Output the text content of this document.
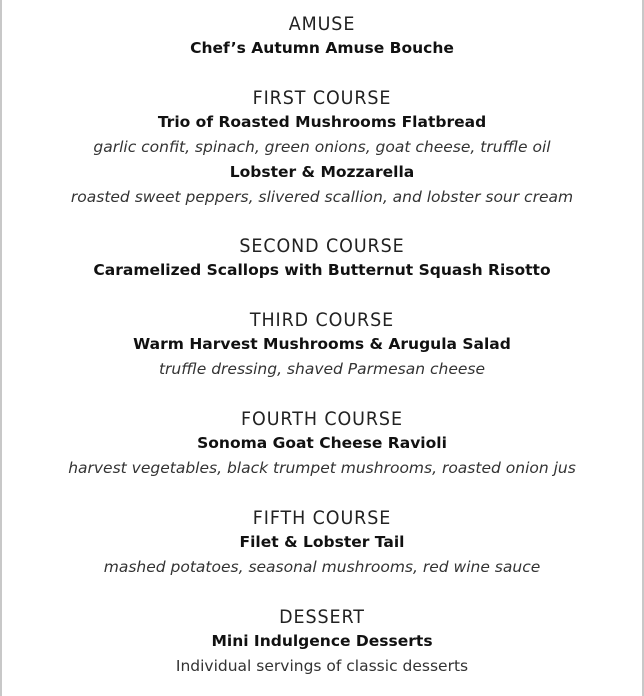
AMUSE
Chef’s Autumn Amuse Bouche
FIRST COURSE
Trio of Roasted Mushrooms Flatbread
garlic confit, spinach, green onions, goat cheese, truffle oil
Lobster & Mozzarella
roasted sweet peppers, slivered scallion, and lobster sour cream
SECOND COURSE
Caramelized Scallops with Butternut Squash Risotto
THIRD COURSE
Warm Harvest Mushrooms & Arugula Salad
truffle dressing, shaved Parmesan cheese
FOURTH COURSE
Sonoma Goat Cheese Ravioli
harvest vegetables, black trumpet mushrooms, roasted onion jus
FIFTH COURSE
Filet & Lobster Tail
mashed potatoes, seasonal mushrooms, red wine sauce
DESSERT
Mini Indulgence Desserts
Individual servings of classic desserts
